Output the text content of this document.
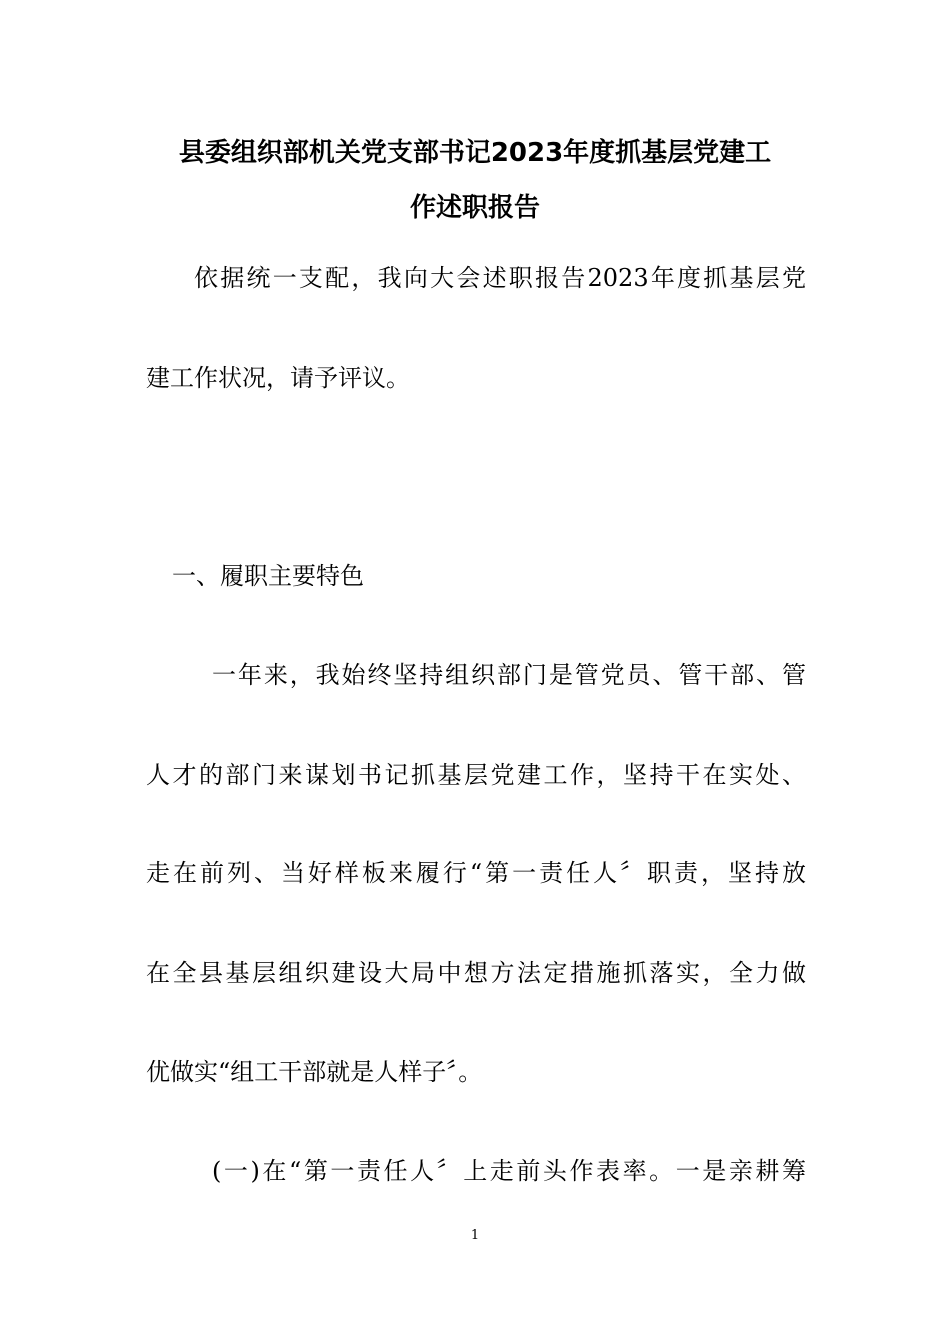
县委组织部机关党支部书记2023年度抓基层党建工
作述职报告
依据统一支配，我向大会述职报告2023年度抓基层党
建工作状况，请予评议。
一、履职主要特色
一年来，我始终坚持组织部门是管党员、管干部、管
人才的部门来谋划书记抓基层党建工作，坚持干在实处、
走在前列、当好样板来履行“第一责任人〞职责，坚持放
在全县基层组织建设大局中想方法定措施抓落实，全力做
优做实“组工干部就是人样子〞。
(一)在“第一责任人〞上走前头作表率。一是亲耕筹
1
